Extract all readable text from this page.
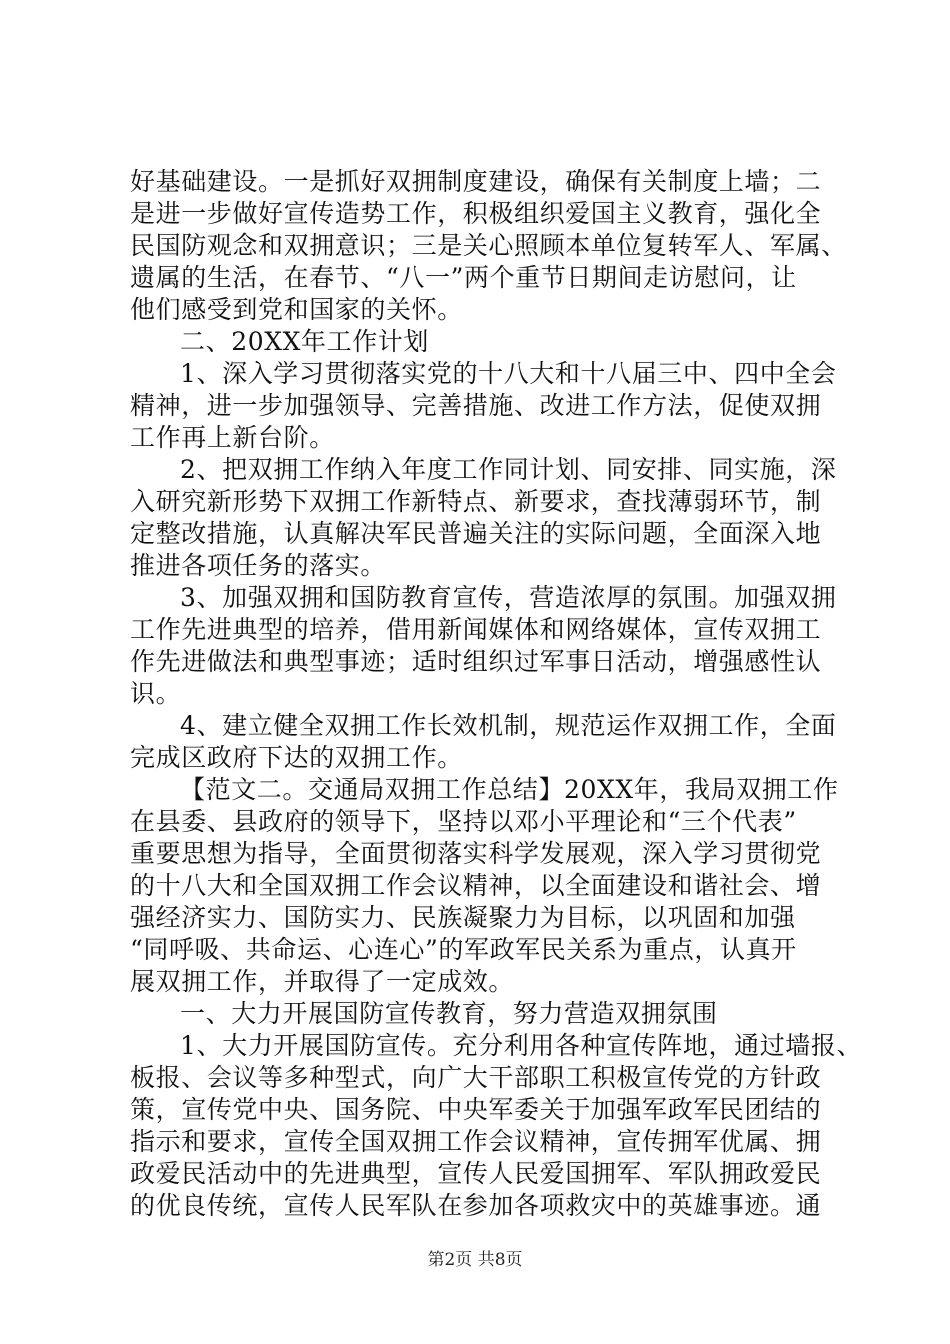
好基础建设。一是抓好双拥制度建设，确保有关制度上墙；二
是进一步做好宣传造势工作，积极组织爱国主义教育，强化全
民国防观念和双拥意识；三是关心照顾本单位复转军人、军属、
遗属的生活，在春节、“八一”两个重节日期间走访慰问，让
他们感受到党和国家的关怀。
二、20XX年工作计划
1、深入学习贯彻落实党的十八大和十八届三中、四中全会
精神，进一步加强领导、完善措施、改进工作方法，促使双拥
工作再上新台阶。
2、把双拥工作纳入年度工作同计划、同安排、同实施，深
入研究新形势下双拥工作新特点、新要求，查找薄弱环节，制
定整改措施，认真解决军民普遍关注的实际问题，全面深入地
推进各项任务的落实。
3、加强双拥和国防教育宣传，营造浓厚的氛围。加强双拥
工作先进典型的培养，借用新闻媒体和网络媒体，宣传双拥工
作先进做法和典型事迹；适时组织过军事日活动，增强感性认
识。
4、建立健全双拥工作长效机制，规范运作双拥工作，全面
完成区政府下达的双拥工作。
【范文二。交通局双拥工作总结】20XX年，我局双拥工作
在县委、县政府的领导下，坚持以邓小平理论和“三个代表”
重要思想为指导，全面贯彻落实科学发展观，深入学习贯彻党
的十八大和全国双拥工作会议精神，以全面建设和谐社会、增
强经济实力、国防实力、民族凝聚力为目标，以巩固和加强
“同呼吸、共命运、心连心”的军政军民关系为重点，认真开
展双拥工作，并取得了一定成效。
一、大力开展国防宣传教育，努力营造双拥氛围
1、大力开展国防宣传。充分利用各种宣传阵地，通过墙报、
板报、会议等多种型式，向广大干部职工积极宣传党的方针政
策，宣传党中央、国务院、中央军委关于加强军政军民团结的
指示和要求，宣传全国双拥工作会议精神，宣传拥军优属、拥
政爱民活动中的先进典型，宣传人民爱国拥军、军队拥政爱民
的优良传统，宣传人民军队在参加各项救灾中的英雄事迹。通
第2页 共8页
